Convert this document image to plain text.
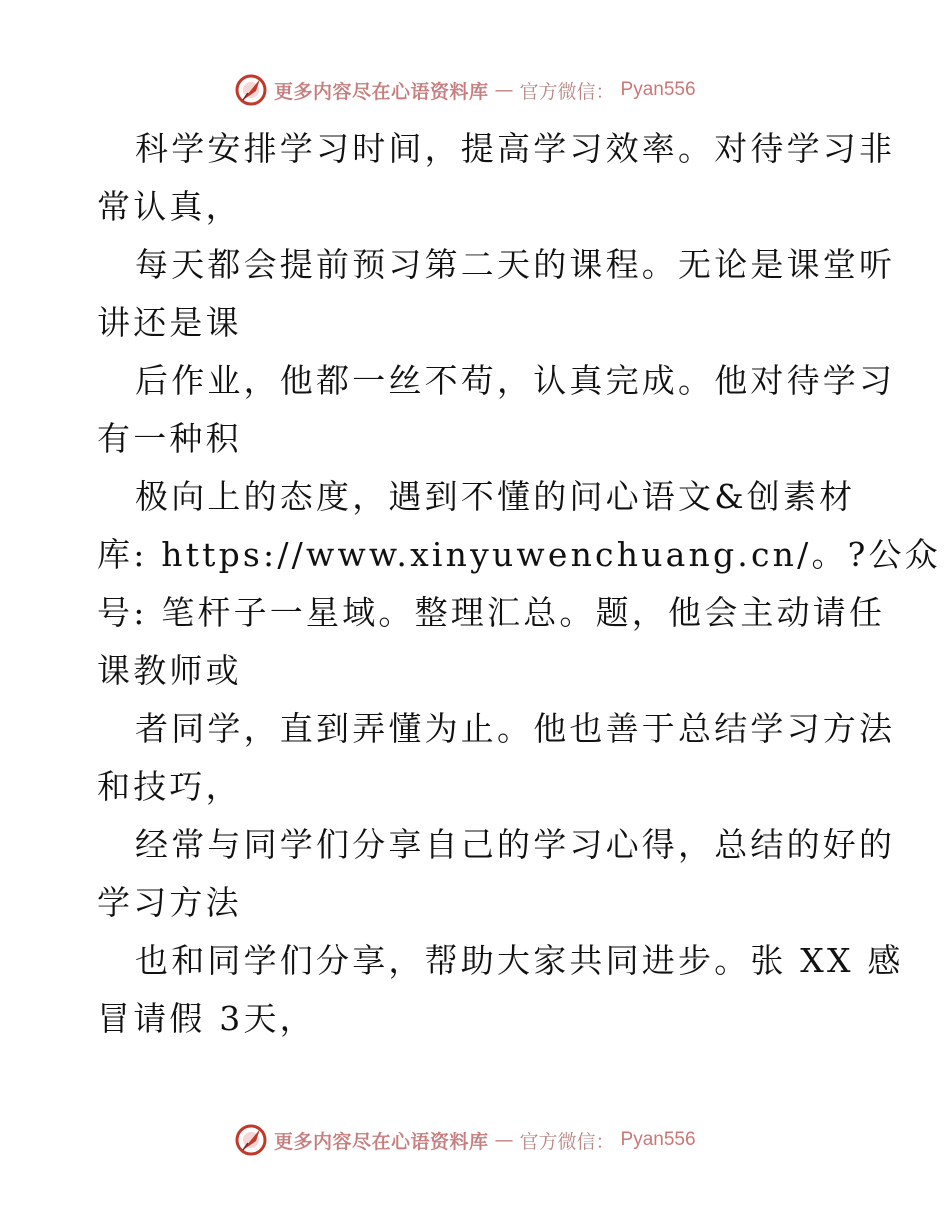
更多内容尽在心语资料库 — 官方微信： Pyan556
科学安排学习时间，提高学习效率。对待学习非
常认真，
每天都会提前预习第二天的课程。无论是课堂听
讲还是课
后作业，他都一丝不苟，认真完成。他对待学习
有一种积
极向上的态度，遇到不懂的问心语文&创素材
库: https://www.xinyuwenchuang.cn/。?公众
号: 笔杆子一星域。整理汇总。题，他会主动请任
课教师或
者同学，直到弄懂为止。他也善于总结学习方法
和技巧，
经常与同学们分享自己的学习心得，总结的好的
学习方法
也和同学们分享，帮助大家共同进步。张 XX 感
冒请假 3天，
更多内容尽在心语资料库 — 官方微信： Pyan556
